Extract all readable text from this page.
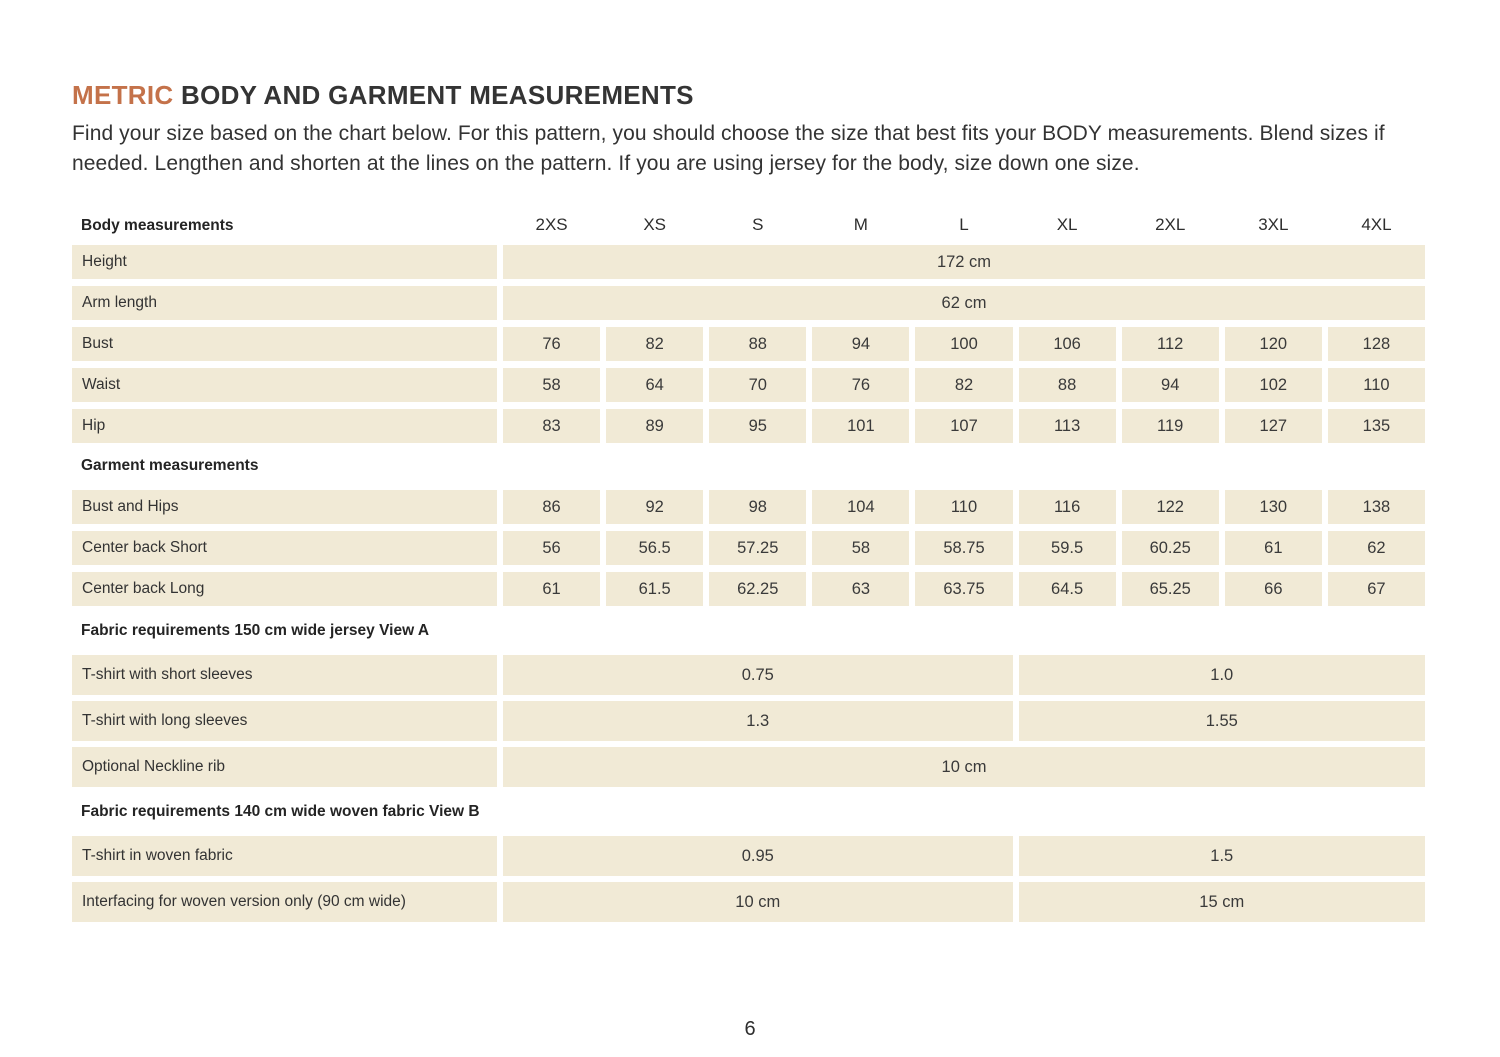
METRIC BODY AND GARMENT MEASUREMENTS

Find your size based on the chart below. For this pattern, you should choose the size that best fits your BODY measurements. Blend sizes if needed. Lengthen and shorten at the lines on the pattern. If you are using jersey for the body, size down one size.

Body measurements	2XS	XS	S	M	L	XL	2XL	3XL	4XL
Height	172 cm
Arm length	62 cm
Bust	76	82	88	94	100	106	112	120	128
Waist	58	64	70	76	82	88	94	102	110
Hip	83	89	95	101	107	113	119	127	135
Garment measurements
Bust and Hips	86	92	98	104	110	116	122	130	138
Center back Short	56	56.5	57.25	58	58.75	59.5	60.25	61	62
Center back Long	61	61.5	62.25	63	63.75	64.5	65.25	66	67
Fabric requirements 150 cm wide jersey View A
T-shirt with short sleeves	0.75	1.0
T-shirt with long sleeves	1.3	1.55
Optional Neckline rib	10 cm
Fabric requirements 140 cm wide woven fabric View B
T-shirt in woven fabric	0.95	1.5
Interfacing for woven version only (90 cm wide)	10 cm	15 cm
6
